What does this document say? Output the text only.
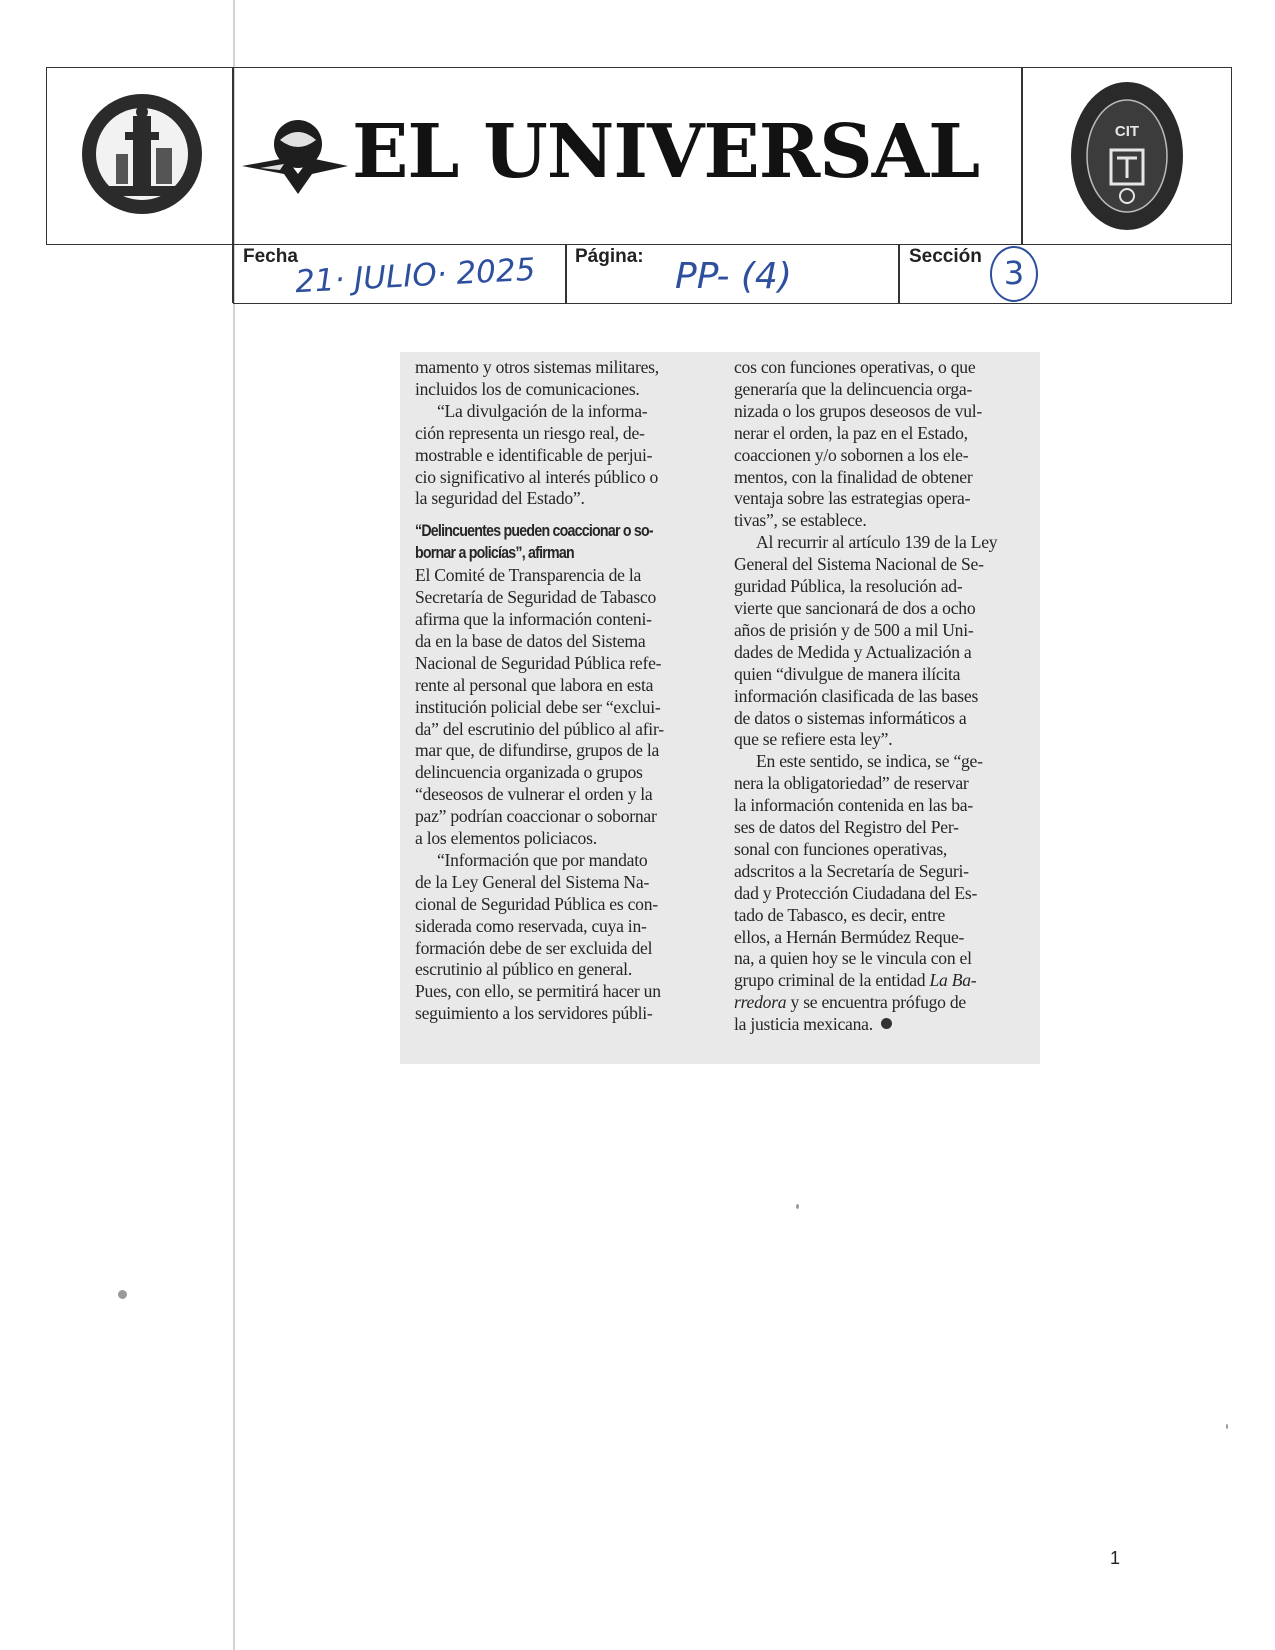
EL UNIVERSAL	CIT
Fecha
21· JULIO· 2025 Página: PP- (4)	Sección 3

mamento y otros sistemas militares,

incluidos los de comunicaciones.

“La divulgación de la informa-

ción representa un riesgo real, de-

mostrable e identificable de perjui-

cio significativo al interés público o

la seguridad del Estado”.

“Delincuentes pueden coaccionar o so-
bornar a policías”, afirman

El Comité de Transparencia de la

Secretaría de Seguridad de Tabasco

afirma que la información conteni-

da en la base de datos del Sistema

Nacional de Seguridad Pública refe-

rente al personal que labora en esta

institución policial debe ser “exclui-

da” del escrutinio del público al afir-

mar que, de difundirse, grupos de la

delincuencia organizada o grupos

“deseosos de vulnerar el orden y la

paz” podrían coaccionar o sobornar

a los elementos policiacos.

“Información que por mandato

de la Ley General del Sistema Na-

cional de Seguridad Pública es con-

siderada como reservada, cuya in-

formación debe de ser excluida del

escrutinio al público en general.

Pues, con ello, se permitirá hacer un

seguimiento a los servidores públi-

cos con funciones operativas, o que

generaría que la delincuencia orga-

nizada o los grupos deseosos de vul-

nerar el orden, la paz en el Estado,

coaccionen y/o sobornen a los ele-

mentos, con la finalidad de obtener

ventaja sobre las estrategias opera-

tivas”, se establece.

Al recurrir al artículo 139 de la Ley

General del Sistema Nacional de Se-

guridad Pública, la resolución ad-

vierte que sancionará de dos a ocho

años de prisión y de 500 a mil Uni-

dades de Medida y Actualización a

quien “divulgue de manera ilícita

información clasificada de las bases

de datos o sistemas informáticos a

que se refiere esta ley”.

En este sentido, se indica, se “ge-

nera la obligatoriedad” de reservar

la información contenida en las ba-

ses de datos del Registro del Per-

sonal con funciones operativas,

adscritos a la Secretaría de Seguri-

dad y Protección Ciudadana del Es-

tado de Tabasco, es decir, entre

ellos, a Hernán Bermúdez Reque-

na, a quien hoy se le vincula con el

grupo criminal de la entidad La Ba-

rredora y se encuentra prófugo de

la justicia mexicana.

1
